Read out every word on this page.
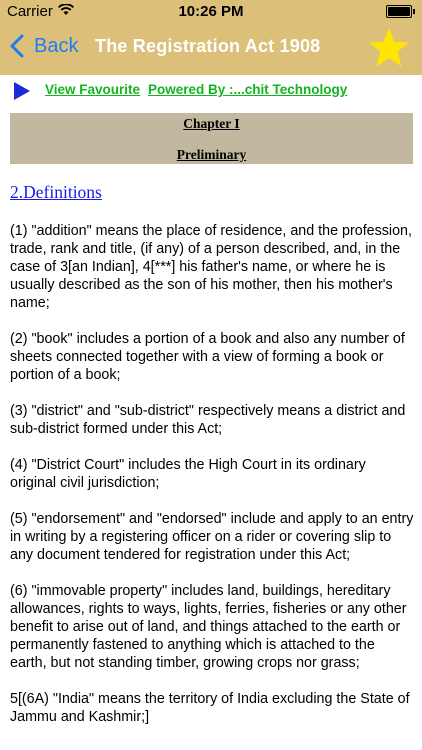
Carrier	10:26 PM
Back The Registration Act 1908
View Favourite Powered By :...chit Technology
Chapter I
Preliminary
2.Definitions

(1) "addition" means the place of residence, and the profession, trade, rank and title, (if any) of a person described, and, in the case of 3[an Indian], 4[***] his father's name, or where he is usually described as the son of his mother, then his mother's name;

(2) "book" includes a portion of a book and also any number of sheets connected together with a view of forming a book or portion of a book;

(3) "district" and "sub-district" respectively means a district and sub-district formed under this Act;

(4) "District Court" includes the High Court in its ordinary original civil jurisdiction;

(5) "endorsement" and "endorsed" include and apply to an entry in writing by a registering officer on a rider or covering slip to any document tendered for registration under this Act;

(6) "immovable property" includes land, buildings, hereditary allowances, rights to ways, lights, ferries, fisheries or any other benefit to arise out of land, and things attached to the earth or permanently fastened to anything which is attached to the earth, but not standing timber, growing crops nor grass;

5[(6A) "India" means the territory of India excluding the State of Jammu and Kashmir;]
